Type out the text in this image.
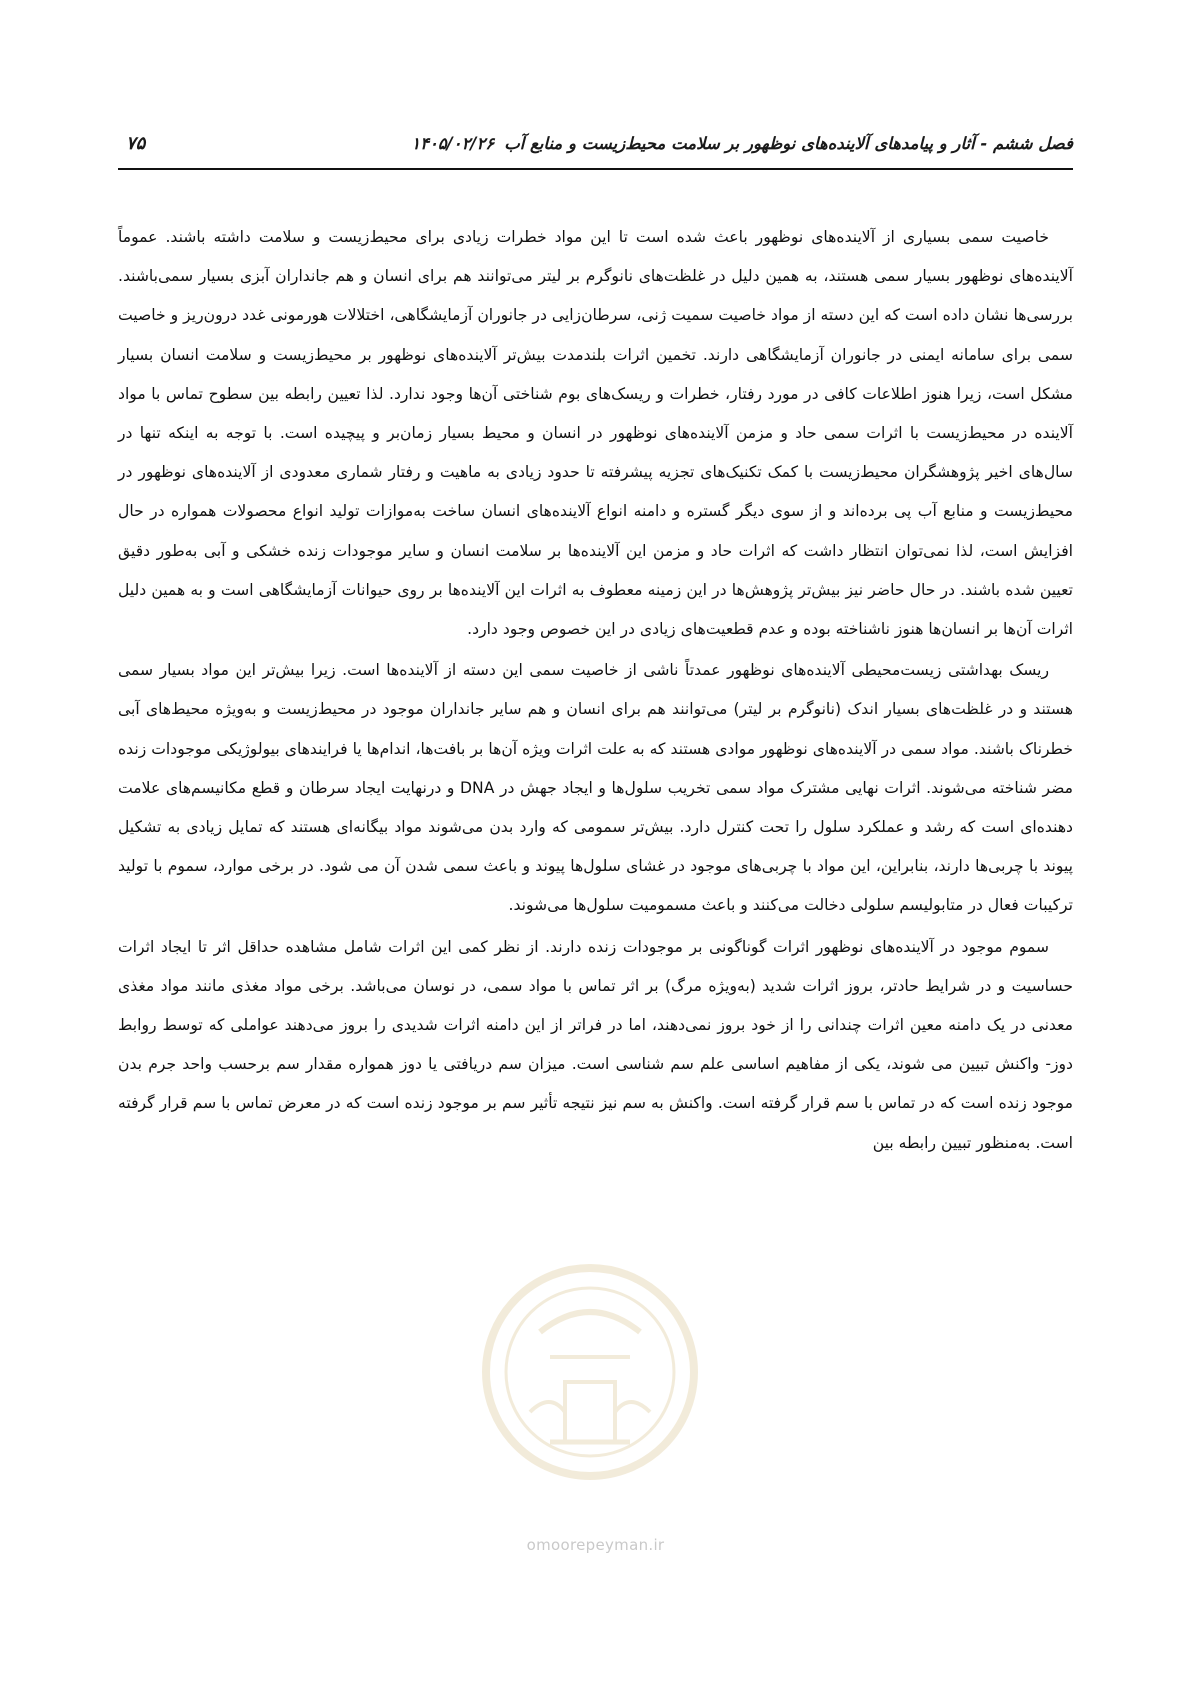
فصل ششم - آثار و پیامدهای آلاینده‌های نوظهور بر سلامت محیط‌زیست و منابع آب۱۴۰۵/۰۲/۲۶
۷۵

خاصیت سمی بسیاری از آلاینده‌های نوظهور باعث شده است تا این مواد خطرات زیادی برای محیط‌زیست و سلامت داشته باشند. عموماً آلاینده‌های نوظهور بسیار سمی هستند، به همین دلیل در غلظت‌های نانوگرم بر لیتر می‌توانند هم برای انسان و هم جانداران آبزی بسیار سمی‌باشند. بررسی‌ها نشان داده است که این دسته از مواد خاصیت سمیت ژنی، سرطان‌زایی در جانوران آزمایشگاهی، اختلالات هورمونی غدد درون‌ریز و خاصیت سمی برای سامانه ایمنی در جانوران آزمایشگاهی دارند. تخمین اثرات بلندمدت بیش‌تر آلاینده‌های نوظهور بر محیط‌زیست و سلامت انسان بسیار مشکل است، زیرا هنوز اطلاعات کافی در مورد رفتار، خطرات و ریسک‌های بوم شناختی آن‌ها وجود ندارد. لذا تعیین رابطه بین سطوح تماس با مواد آلاینده در محیط‌زیست با اثرات سمی حاد و مزمن آلاینده‌های نوظهور در انسان و محیط بسیار زمان‌بر و پیچیده است. با توجه به اینکه تنها در سال‌های اخیر پژوهشگران محیط‌زیست با کمک تکنیک‌های تجزیه پیشرفته تا حدود زیادی به ماهیت و رفتار شماری معدودی از آلاینده‌های نوظهور در محیط‌زیست و منابع آب پی برده‌اند و از سوی دیگر گستره و دامنه انواع آلاینده‌های انسان ساخت به‌موازات تولید انواع محصولات همواره در حال افزایش است، لذا نمی‌توان انتظار داشت که اثرات حاد و مزمن این آلاینده‌ها بر سلامت انسان و سایر موجودات زنده خشکی و آبی به‌طور دقیق تعیین شده باشند. در حال حاضر نیز بیش‌تر پژوهش‌ها در این زمینه معطوف به اثرات این آلاینده‌ها بر روی حیوانات آزمایشگاهی است و به همین دلیل اثرات آن‌ها بر انسان‌ها هنوز ناشناخته بوده و عدم قطعیت‌های زیادی در این خصوص وجود دارد.

ریسک بهداشتی زیست‌محیطی آلاینده‌های نوظهور عمدتاً ناشی از خاصیت سمی این دسته از آلاینده‌ها است. زیرا بیش‌تر این مواد بسیار سمی هستند و در غلظت‌های بسیار اندک (نانوگرم بر لیتر) می‌توانند هم برای انسان و هم سایر جانداران موجود در محیط‌زیست و به‌ویژه محیط‌های آبی خطرناک باشند. مواد سمی در آلاینده‌های نوظهور موادی هستند که به علت اثرات ویژه آن‌ها بر بافت‌ها، اندام‌ها یا فرایندهای بیولوژیکی موجودات زنده مضر شناخته می‌شوند. اثرات نهایی مشترک مواد سمی تخریب سلول‌ها و ایجاد جهش در DNA و درنهایت ایجاد سرطان و قطع مکانیسم‌های علامت دهنده‌ای است که رشد و عملکرد سلول را تحت کنترل دارد. بیش‌تر سمومی که وارد بدن می‌شوند مواد بیگانه‌ای هستند که تمایل زیادی به تشکیل پیوند با چربی‌ها دارند، بنابراین، این مواد با چربی‌های موجود در غشای سلول‌ها پیوند و باعث سمی شدن آن می شود. در برخی موارد، سموم با تولید ترکیبات فعال در متابولیسم سلولی دخالت می‌کنند و باعث مسمومیت سلول‌ها می‌شوند.

سموم موجود در آلاینده‌های نوظهور اثرات گوناگونی بر موجودات زنده دارند. از نظر کمی این اثرات شامل مشاهده حداقل اثر تا ایجاد اثرات حساسیت و در شرایط حادتر، بروز اثرات شدید (به‌ویژه مرگ) بر اثر تماس با مواد سمی، در نوسان می‌باشد. برخی مواد مغذی مانند مواد مغذی معدنی در یک دامنه معین اثرات چندانی را از خود بروز نمی‌دهند، اما در فراتر از این دامنه اثرات شدیدی را بروز می‌دهند عواملی که توسط روابط دوز- واکنش تبیین می شوند، یکی از مفاهیم اساسی علم سم شناسی است. میزان سم دریافتی یا دوز همواره مقدار سم برحسب واحد جرم بدن موجود زنده است که در تماس با سم قرار گرفته است. واکنش به سم نیز نتیجه تأثیر سم بر موجود زنده است که در معرض تماس با سم قرار گرفته است. به‌منظور تبیین رابطه بین

omoorepeyman.ir
